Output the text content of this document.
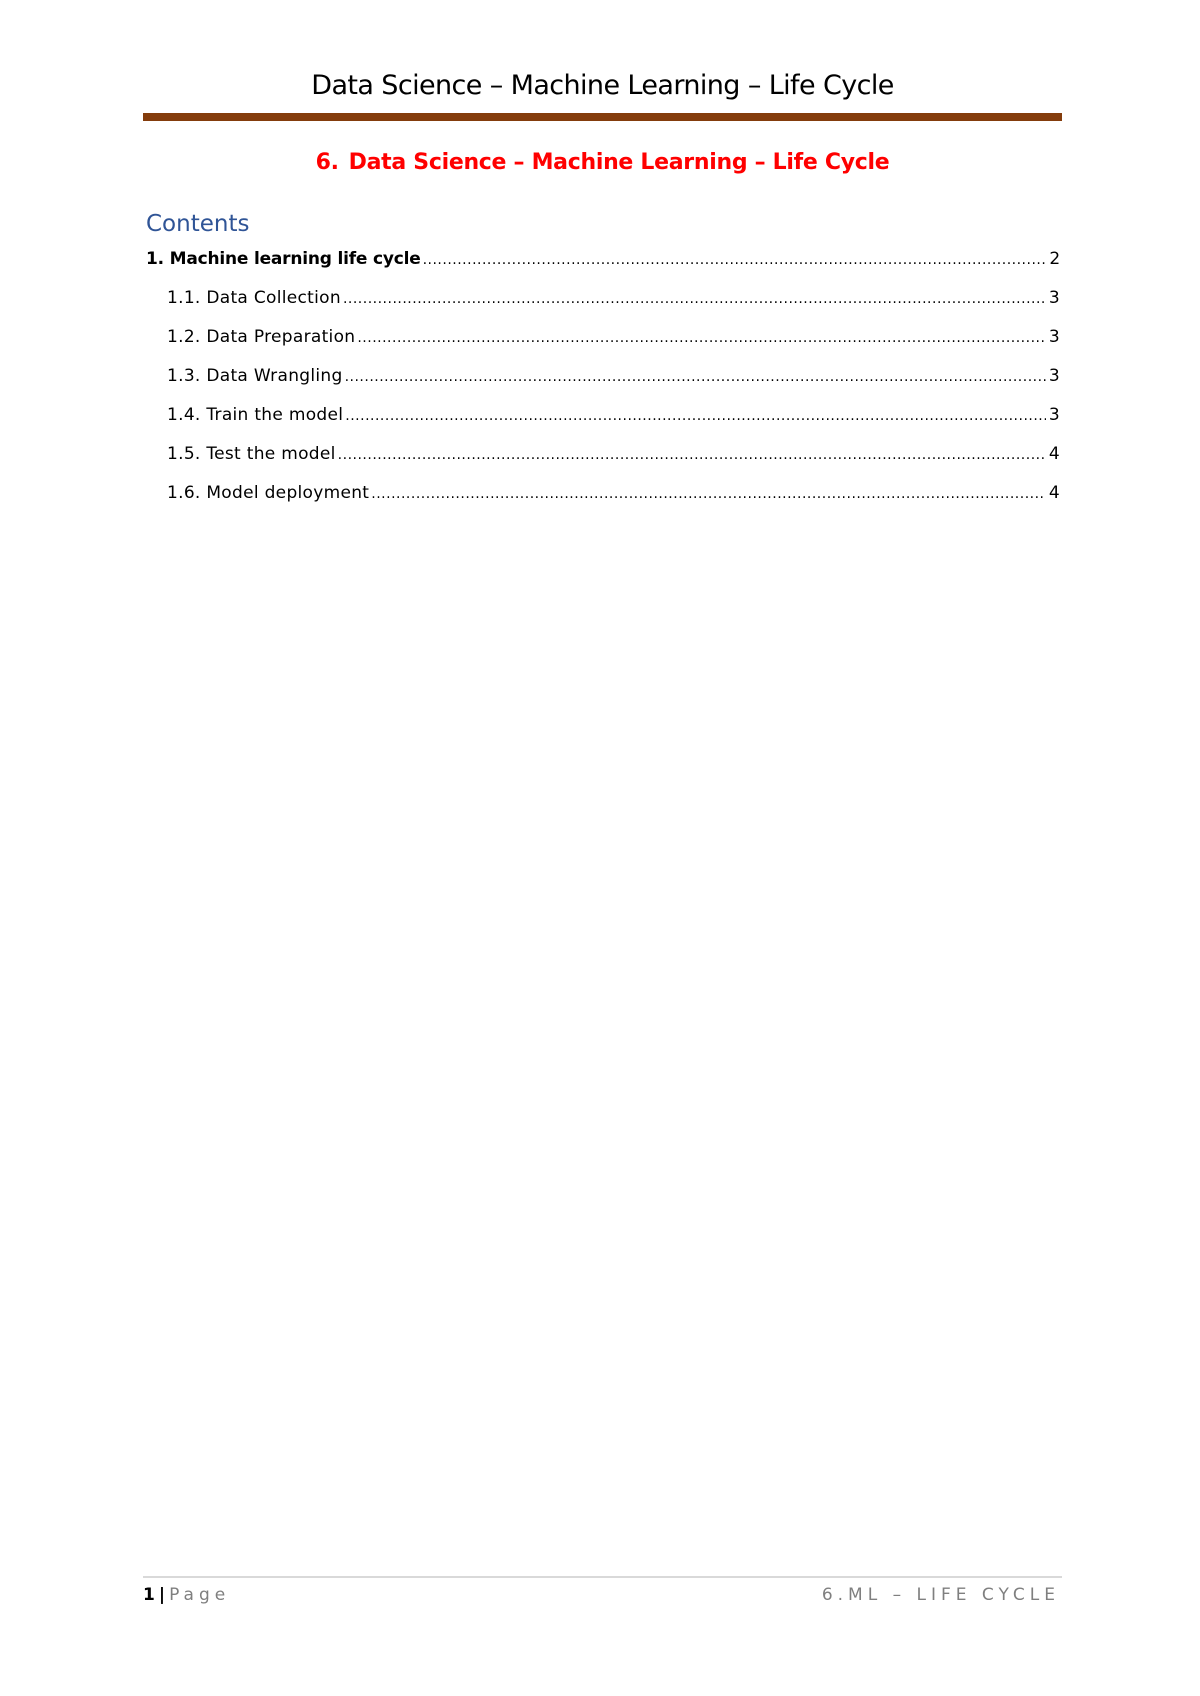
Data Science – Machine Learning – Life Cycle
6. Data Science – Machine Learning – Life Cycle
Contents
1. Machine learning life cycle .....	2
1.1. Data Collection .....	3
1.2. Data Preparation .....	3
1.3. Data Wrangling .....	3
1.4. Train the model .....	3
1.5. Test the model .....	4
1.6. Model deployment .....	4
1 | Page	6.ML – LIFE CYCLE
